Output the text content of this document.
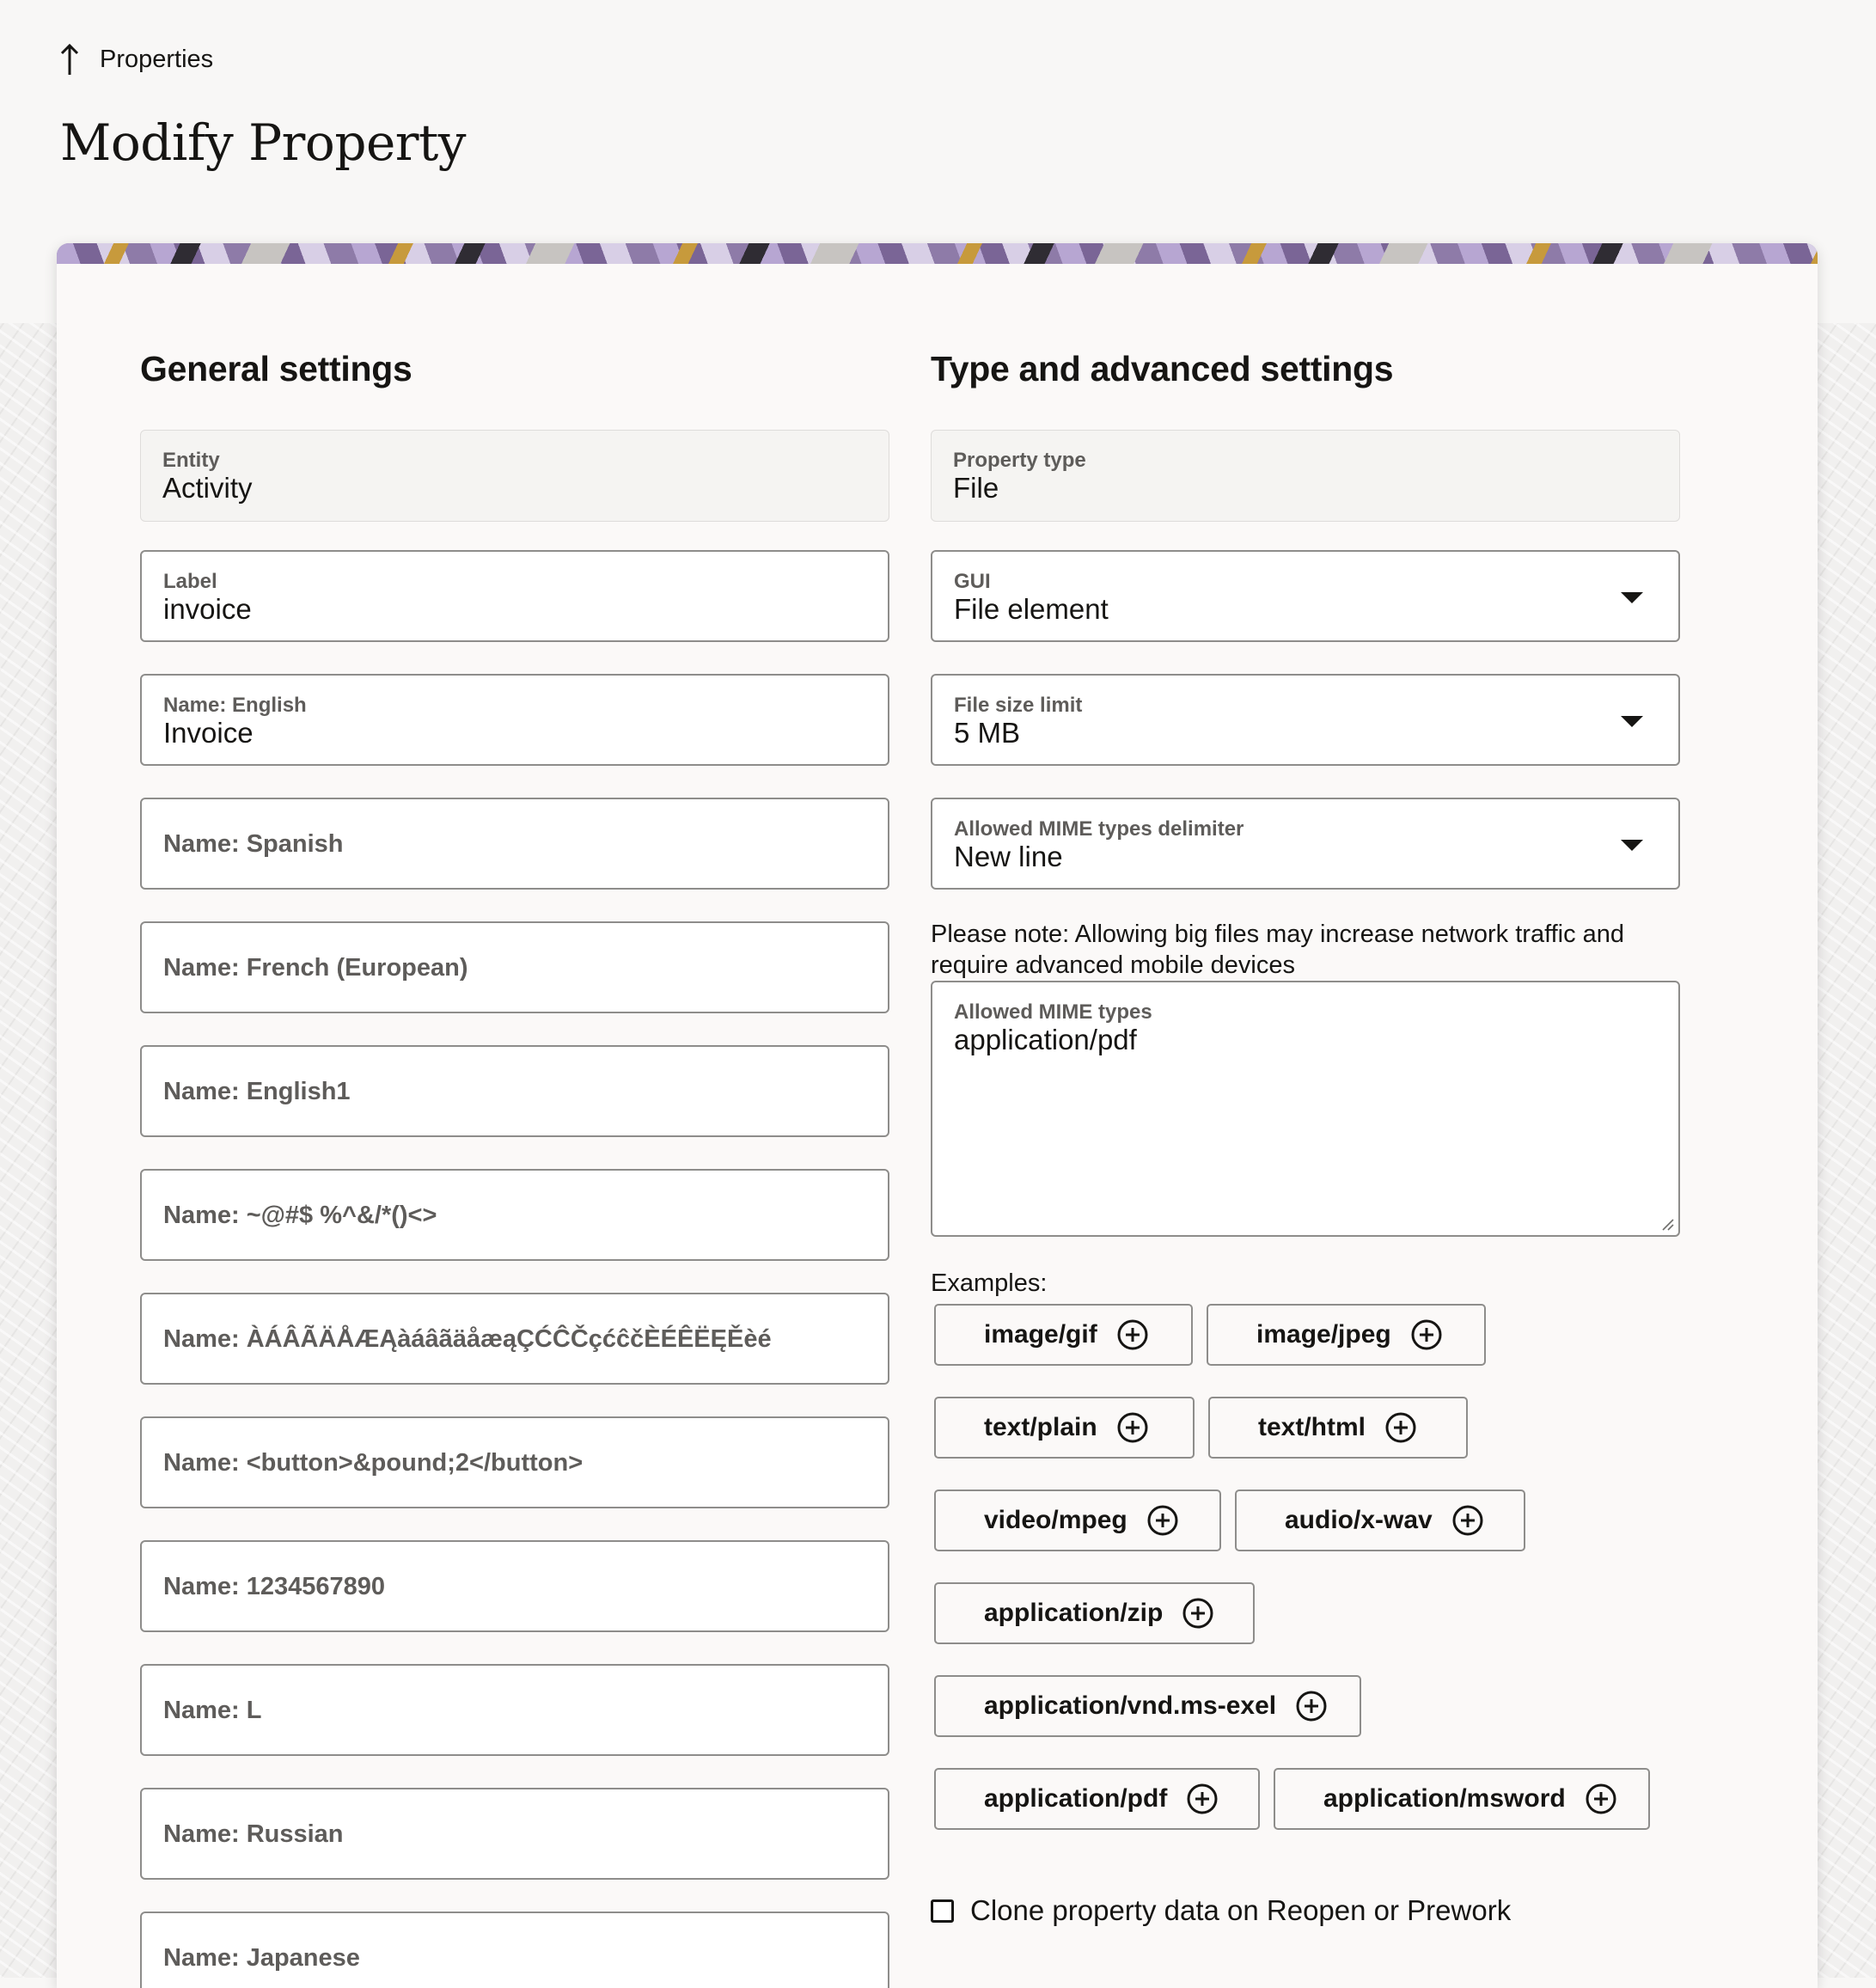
Properties
Modify Property
General settings
Entity
Activity
Label
invoice
Name: English
Invoice
Name: Spanish
Name: French (European)
Name: English1
Name: ~@#$ %^&/*()<>
Name: ÀÁÂÃÄÅÆĄàáâãäåæąÇĆĈČçćĉčÈÉÊËĘĚèé
Name: <button>&pound;2</button>
Name: 1234567890
Name: L
Name: Russian
Name: Japanese
Type and advanced settings
Property type
File
GUI
File element
File size limit
5 MB
Allowed MIME types delimiter
New line

Please note: Allowing big files may increase network traffic and require advanced mobile devices

Allowed MIME types
application/pdf
Examples:
image/gif	image/jpeg
text/plain	text/html
video/mpeg	audio/x-wav
application/zip
application/vnd.ms-exel
application/pdf	application/msword
Clone property data on Reopen or Prework
